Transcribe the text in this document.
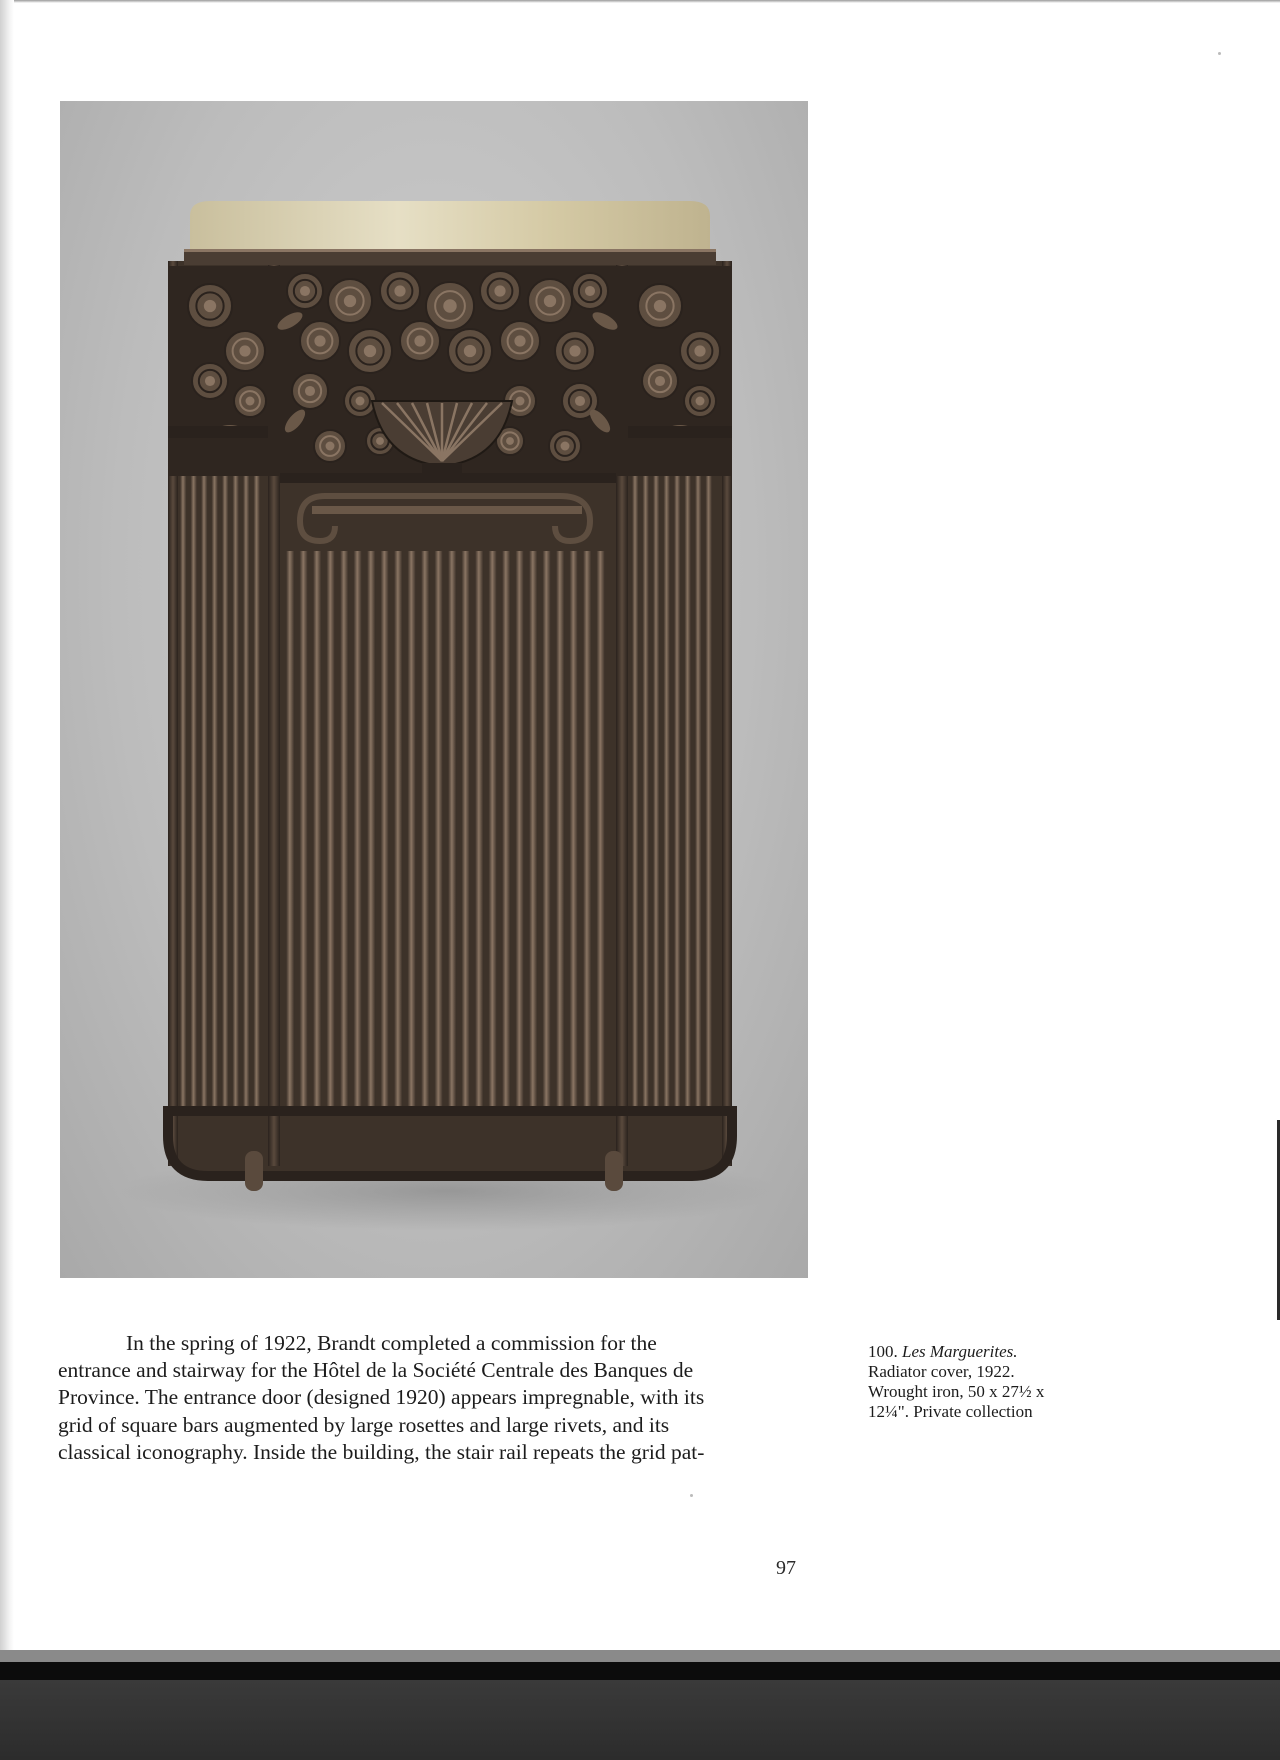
In the spring of 1922, Brandt completed a commission for the
entrance and stairway for the Hôtel de la Société Centrale des Banques de
Province. The entrance door (designed 1920) appears impregnable, with its
grid of square bars augmented by large rosettes and large rivets, and its
classical iconography. Inside the building, the stair rail repeats the grid pat-
100. Les Marguerites.
Radiator cover, 1922.
Wrought iron, 50 x 27½ x
12¼". Private collection
97
